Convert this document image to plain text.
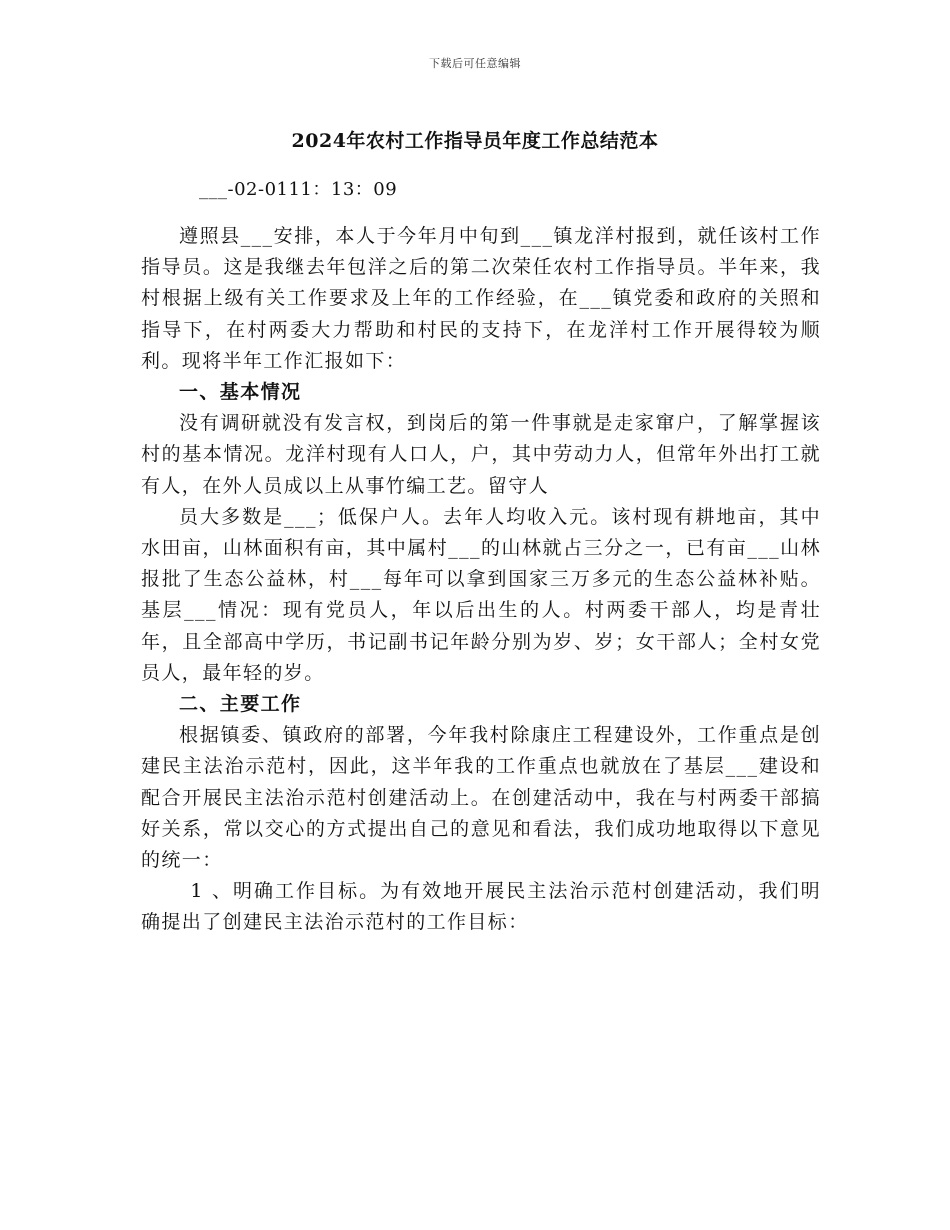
下载后可任意编辑
2024年农村工作指导员年度工作总结范本
___-02-0111：13：09

遵照县___安排，本人于今年月中旬到___镇龙洋村报到，就任该村工作指导员。这是我继去年包洋之后的第二次荣任农村工作指导员。半年来，我村根据上级有关工作要求及上年的工作经验，在___镇党委和政府的关照和指导下，在村两委大力帮助和村民的支持下，在龙洋村工作开展得较为顺利。现将半年工作汇报如下：

一、基本情况

没有调研就没有发言权，到岗后的第一件事就是走家窜户，了解掌握该村的基本情况。龙洋村现有人口人，户，其中劳动力人，但常年外出打工就有人，在外人员成以上从事竹编工艺。留守人

员大多数是___；低保户人。去年人均收入元。该村现有耕地亩，其中水田亩，山林面积有亩，其中属村___的山林就占三分之一，已有亩___山林报批了生态公益林，村___每年可以拿到国家三万多元的生态公益林补贴。基层___情况：现有党员人，年以后出生的人。村两委干部人，均是青壮年，且全部高中学历，书记副书记年龄分别为岁、岁；女干部人；全村女党员人，最年轻的岁。

二、主要工作

根据镇委、镇政府的部署，今年我村除康庄工程建设外，工作重点是创建民主法治示范村，因此，这半年我的工作重点也就放在了基层___建设和配合开展民主法治示范村创建活动上。在创建活动中，我在与村两委干部搞好关系，常以交心的方式提出自己的意见和看法，我们成功地取得以下意见的统一：

1 、明确工作目标。为有效地开展民主法治示范村创建活动，我们明确提出了创建民主法治示范村的工作目标：
